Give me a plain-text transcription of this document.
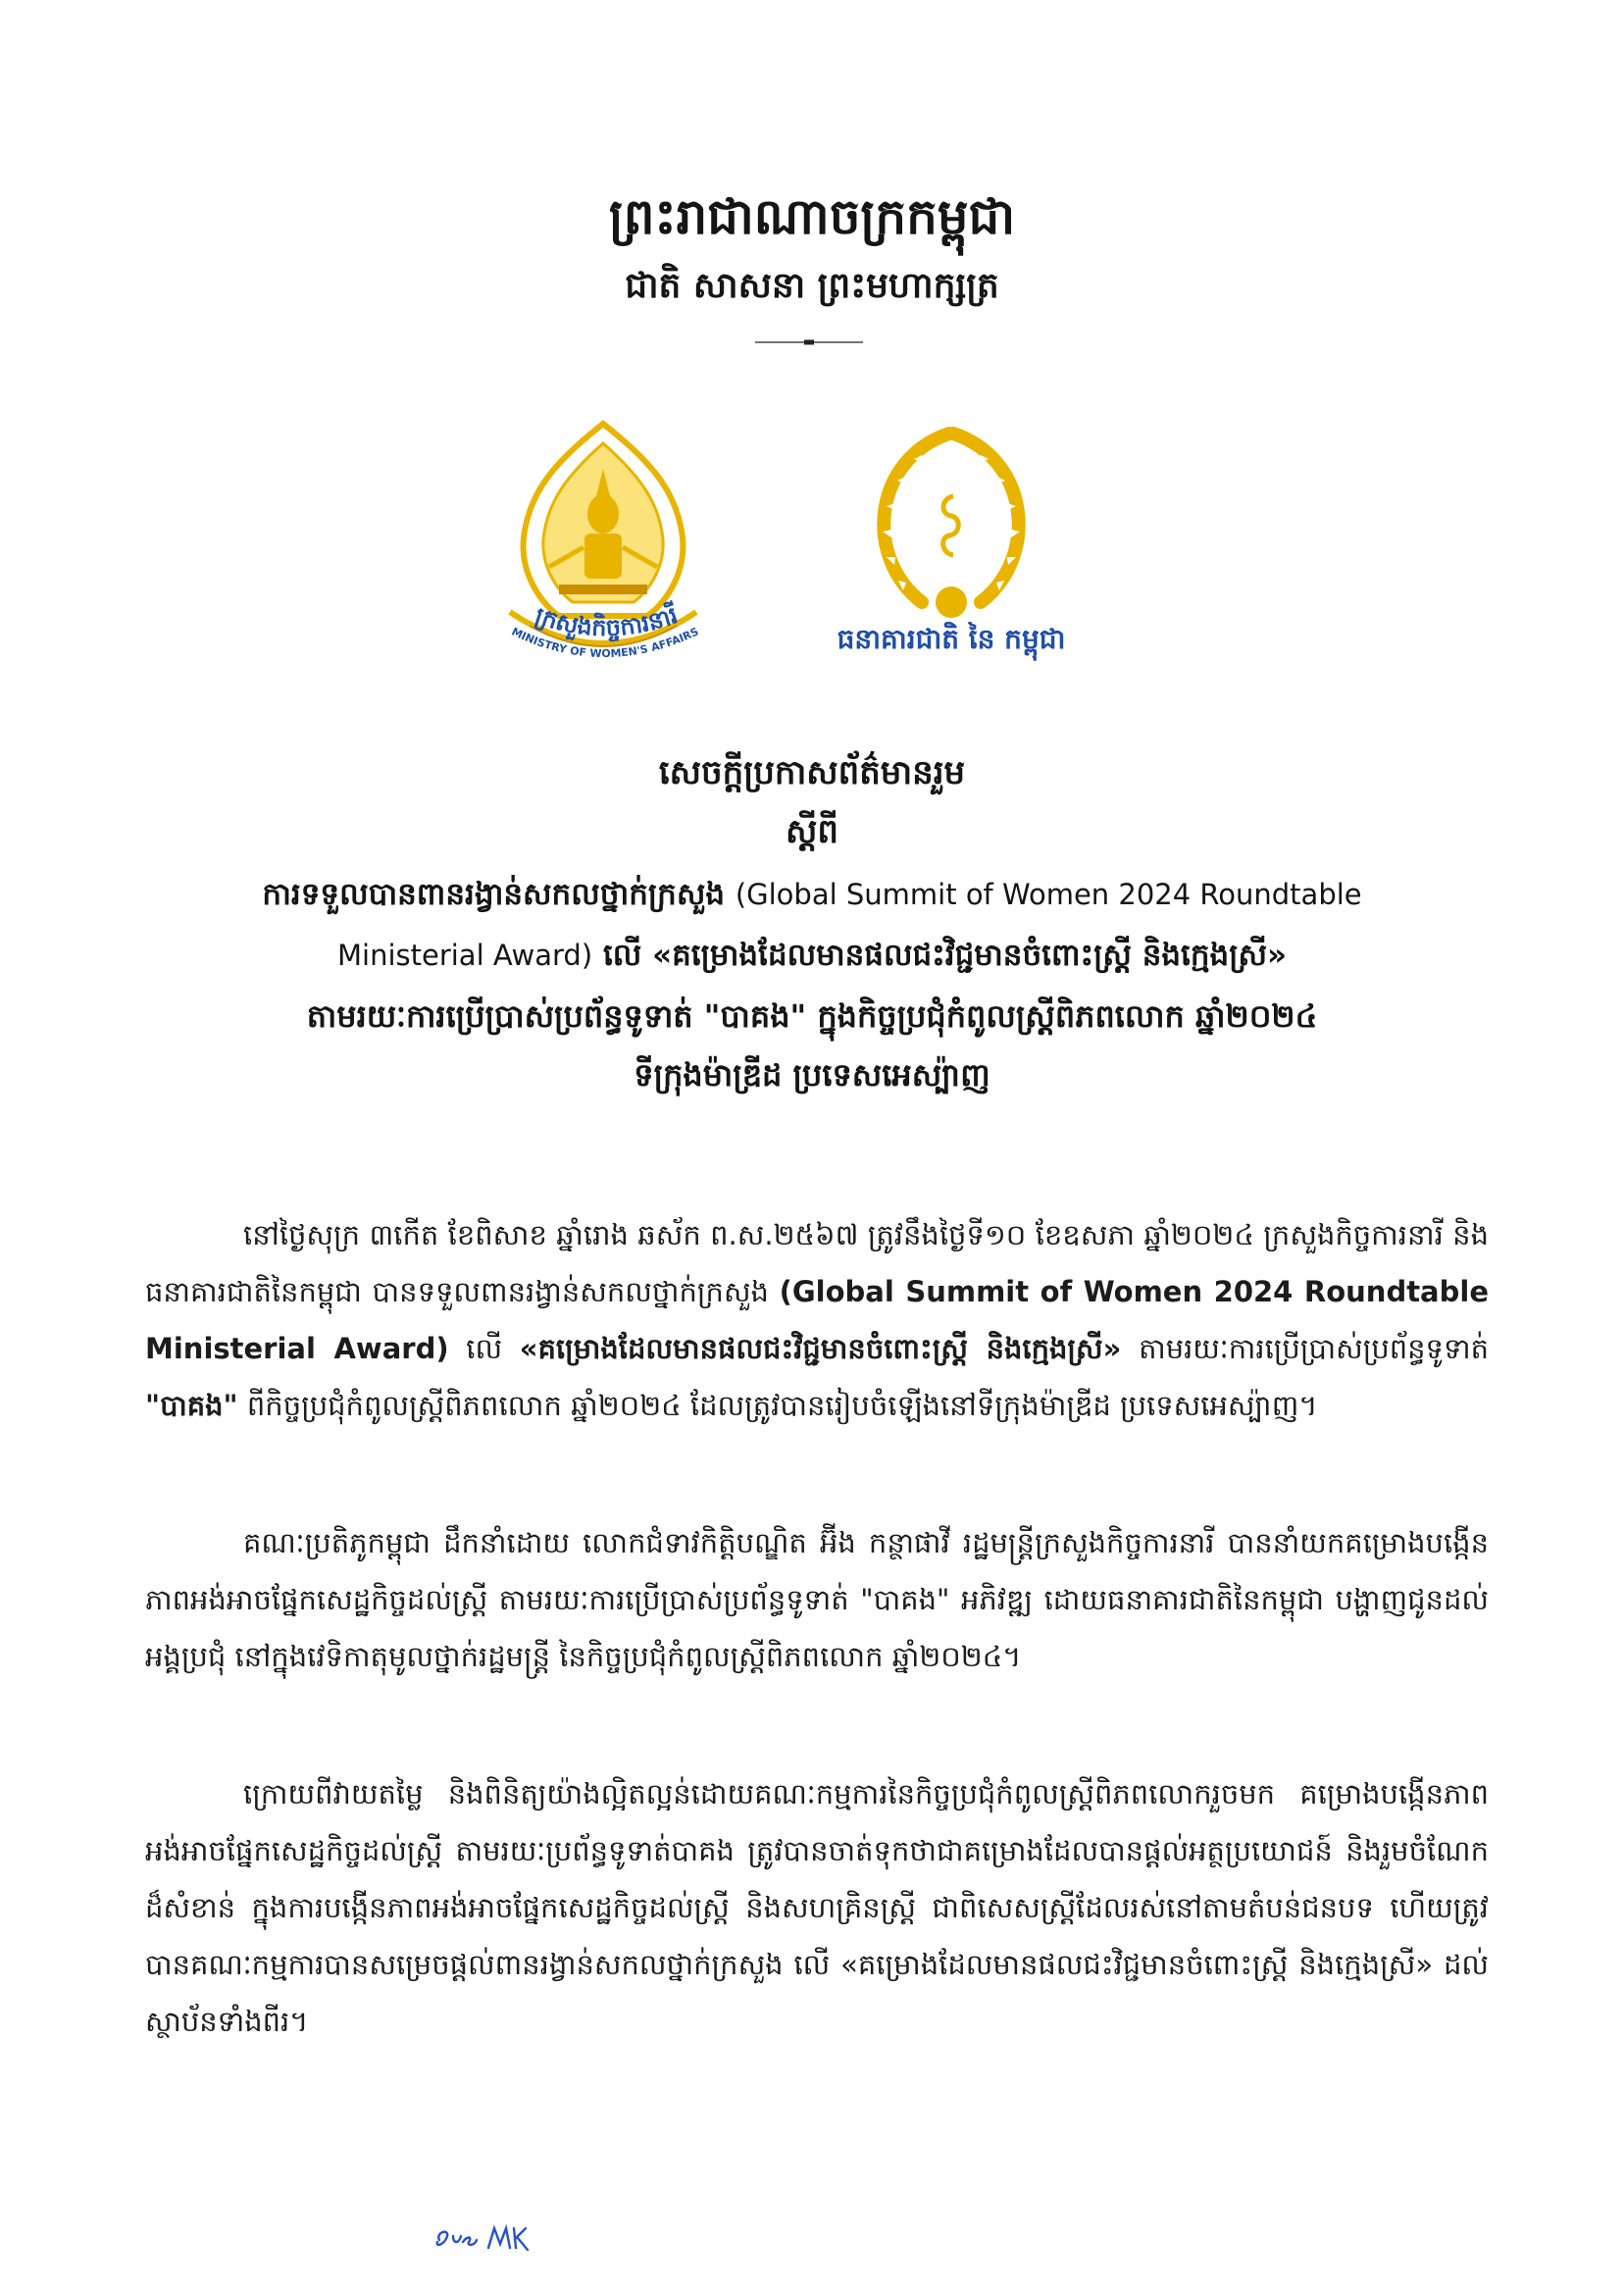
ព្រះរាជាណាចក្រកម្ពុជា
ជាតិ សាសនា ព្រះមហាក្សត្រ
ក្រសួងកិច្ចការនារី
MINISTRY OF WOMEN'S AFFAIRS	ធនាគារជាតិ នៃ កម្ពុជា
សេចក្តីប្រកាសព័ត៌មានរួម
ស្តីពី
ការទទួលបានពានរង្វាន់សកលថ្នាក់ក្រសួង (Global Summit of Women 2024 Roundtable
Ministerial Award) លើ «គម្រោងដែលមានផលជះវិជ្ជមានចំពោះស្ត្រី និងក្មេងស្រី»
តាមរយៈការប្រើប្រាស់ប្រព័ន្ធទូទាត់ "បាគង" ក្នុងកិច្ចប្រជុំកំពូលស្ត្រីពិភពលោក ឆ្នាំ២០២៤
ទីក្រុងម៉ាឌ្រីដ ប្រទេសអេស្ប៉ាញ
នៅថ្ងៃសុក្រ ៣កើត ខែពិសាខ ឆ្នាំរោង ឆស័ក ព.ស.២៥៦៧ ត្រូវនឹងថ្ងៃទី១០ ខែឧសភា ឆ្នាំ២០២៤ ក្រសួងកិច្ចការនារី និង ធនាគារជាតិនៃកម្ពុជា បានទទួលពានរង្វាន់សកលថ្នាក់ក្រសួង (Global Summit of Women 2024 Roundtable Ministerial Award) លើ «គម្រោងដែលមានផលជះវិជ្ជមានចំពោះស្ត្រី និងក្មេងស្រី» តាមរយៈការប្រើប្រាស់ប្រព័ន្ធទូទាត់ "បាគង" ពីកិច្ចប្រជុំកំពូលស្ត្រីពិភពលោក ឆ្នាំ២០២៤ ដែលត្រូវបានរៀបចំឡើងនៅទីក្រុងម៉ាឌ្រីដ ប្រទេសអេស្ប៉ាញ។
គណៈប្រតិភូកម្ពុជា ដឹកនាំដោយ លោកជំទាវកិត្តិបណ្ឌិត អ៊ីង កន្ថាផាវី រដ្ឋមន្ត្រីក្រសួងកិច្ចការនារី បាននាំយកគម្រោងបង្កើនភាពអង់អាចផ្នែកសេដ្ឋកិច្ចដល់ស្ត្រី តាមរយៈការប្រើប្រាស់ប្រព័ន្ធទូទាត់ "បាគង" អភិវឌ្ឍ ដោយធនាគារជាតិនៃកម្ពុជា បង្ហាញជូនដល់អង្គប្រជុំ នៅក្នុងវេទិកាតុមូលថ្នាក់រដ្ឋមន្ត្រី នៃកិច្ចប្រជុំកំពូលស្ត្រីពិភពលោក ឆ្នាំ២០២៤។
ក្រោយពីវាយតម្លៃ និងពិនិត្យយ៉ាងល្អិតល្អន់ដោយគណៈកម្មការនៃកិច្ចប្រជុំកំពូលស្ត្រីពិភពលោករួចមក គម្រោងបង្កើនភាពអង់អាចផ្នែកសេដ្ឋកិច្ចដល់ស្ត្រី តាមរយៈប្រព័ន្ធទូទាត់បាគង ត្រូវបានចាត់ទុកថាជាគម្រោងដែលបានផ្តល់អត្ថប្រយោជន៍ និងរួមចំណែកដ៏សំខាន់ ក្នុងការបង្កើនភាពអង់អាចផ្នែកសេដ្ឋកិច្ចដល់ស្ត្រី និងសហគ្រិនស្ត្រី ជាពិសេសស្ត្រីដែលរស់នៅតាមតំបន់ជនបទ ហើយត្រូវបានគណៈកម្មការបានសម្រេចផ្តល់ពានរង្វាន់សកលថ្នាក់ក្រសួង លើ «គម្រោងដែលមានផលជះវិជ្ជមានចំពោះស្ត្រី និងក្មេងស្រី» ដល់ស្ថាប័នទាំងពីរ។
